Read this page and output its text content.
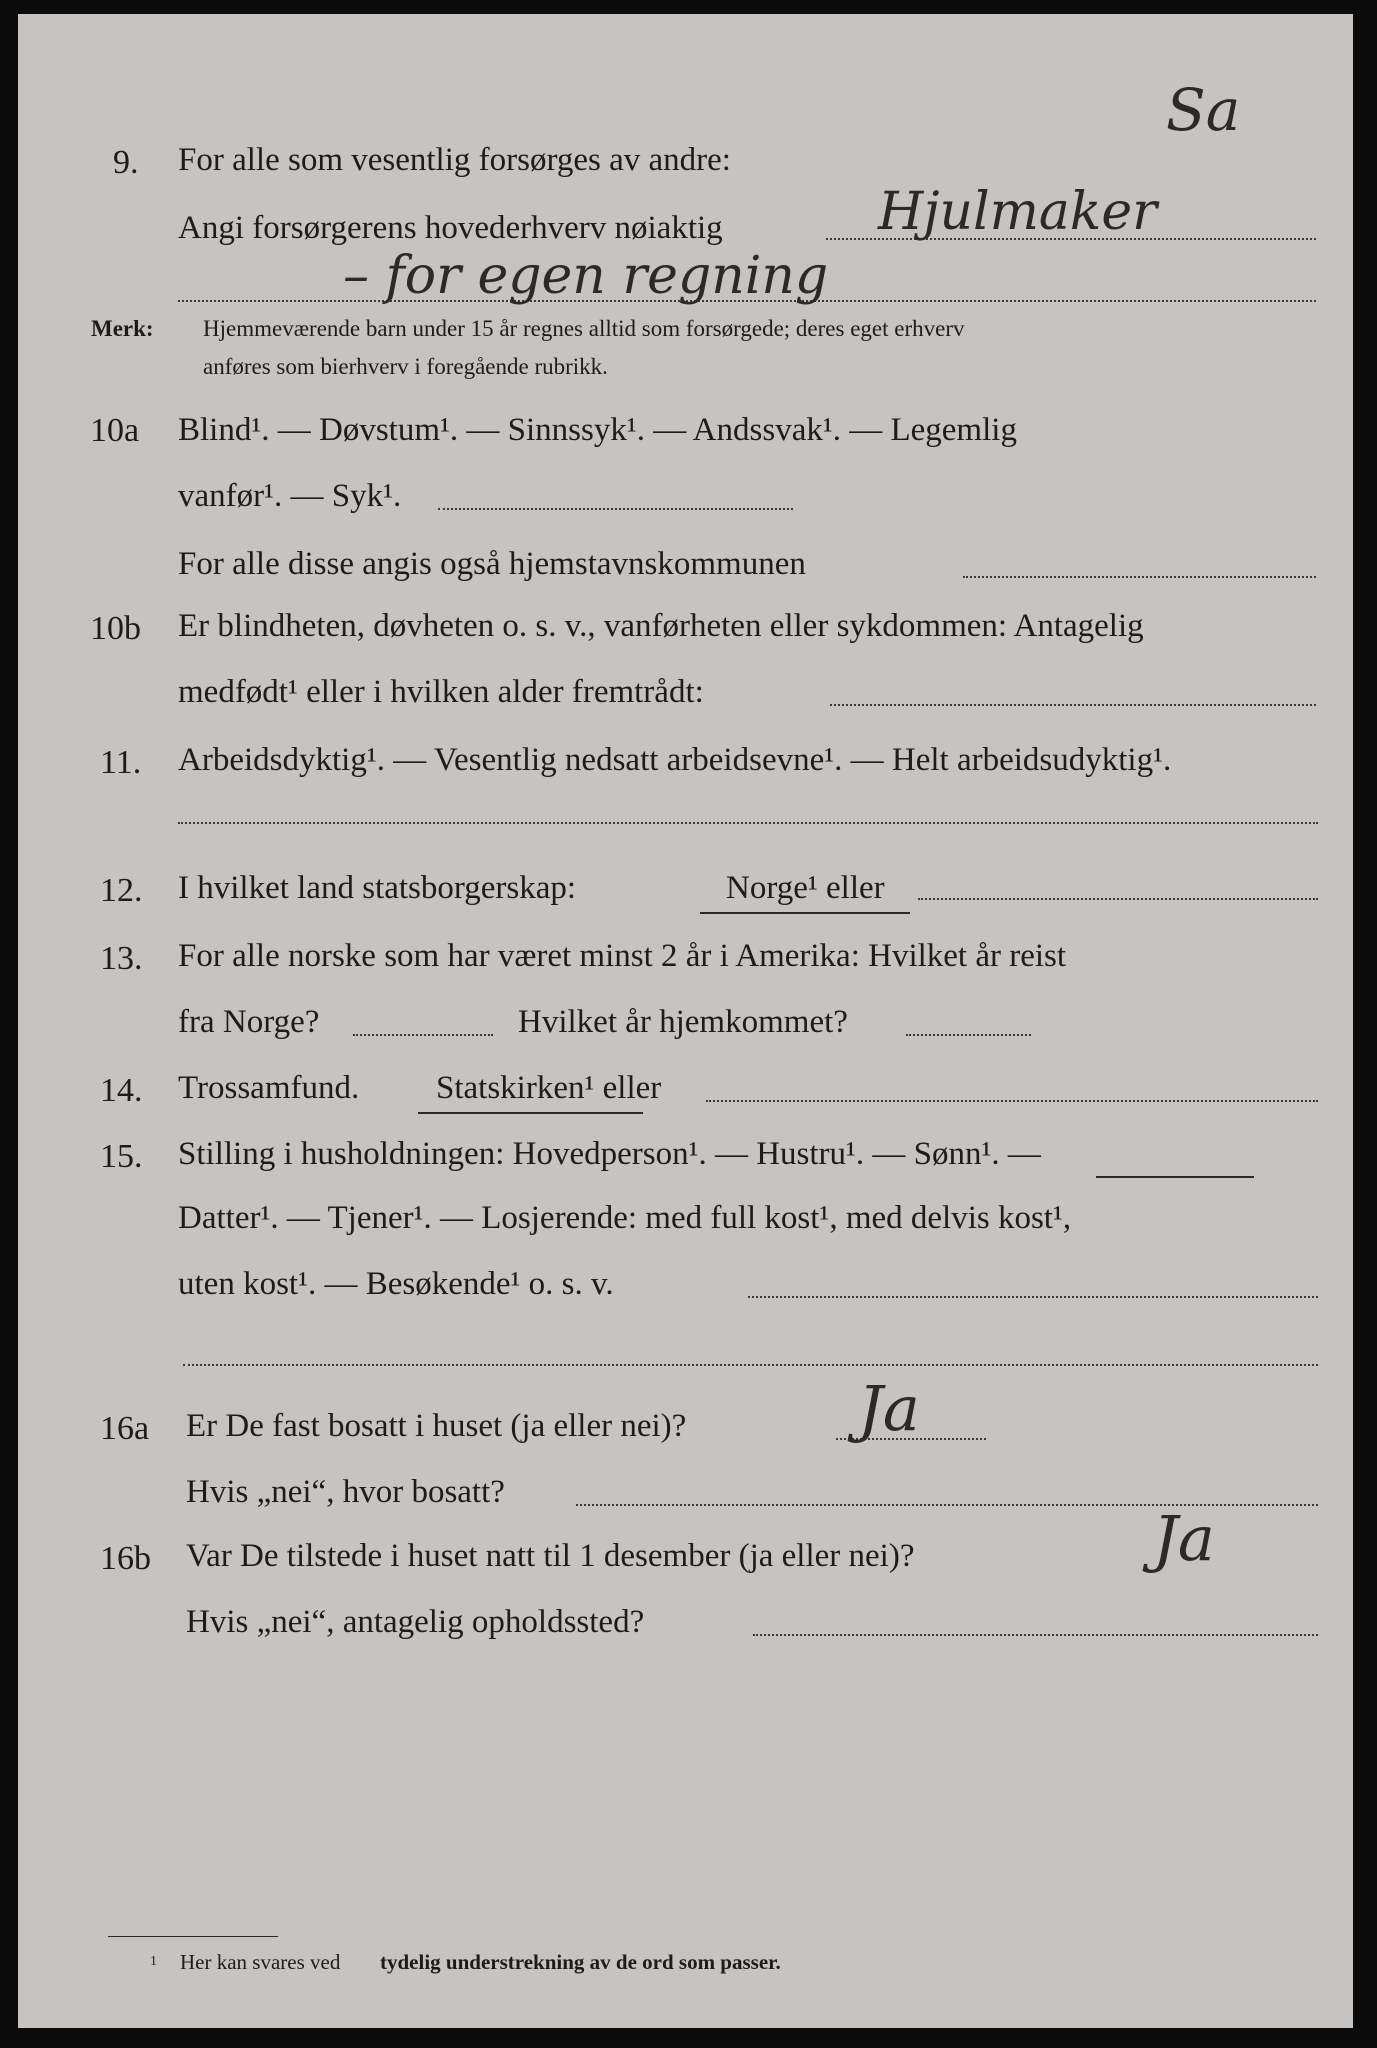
Sa
9. For alle som vesentlig forsørges av andre:
Angi forsørgerens hovederhverv nøiaktig	Hjulmaker
– for egen regning
Merk: Hjemmeværende barn under 15 år regnes alltid som forsørgede; deres eget erhverv
anføres som bierhverv i foregående rubrikk.
10a Blind¹. — Døvstum¹. — Sinnssyk¹. — Andssvak¹. — Legemlig
vanfør¹. — Syk¹.
For alle disse angis også hjemstavnskommunen
10b Er blindheten, døvheten o. s. v., vanførheten eller sykdommen: Antagelig
medfødt¹ eller i hvilken alder fremtrådt:
11. Arbeidsdyktig¹. — Vesentlig nedsatt arbeidsevne¹. — Helt arbeidsudyktig¹.
12. I hvilket land statsborgerskap:	Norge¹ eller
13. For alle norske som har været minst 2 år i Amerika: Hvilket år reist
fra Norge?	Hvilket år hjemkommet?
14. Trossamfund. Statskirken¹ eller
15. Stilling i husholdningen: Hovedperson¹. — Hustru¹. — Sønn¹. —
Datter¹. — Tjener¹. — Losjerende: med full kost¹, med delvis kost¹,
uten kost¹. — Besøkende¹ o. s. v.
16a Er De fast bosatt i huset (ja eller nei)?	Ja
Hvis „nei“, hvor bosatt?
16b Var De tilstede i huset natt til 1 desember (ja eller nei)?	Ja
Hvis „nei“, antagelig opholdssted?
1 Her kan svares ved tydelig understrekning av de ord som passer.
